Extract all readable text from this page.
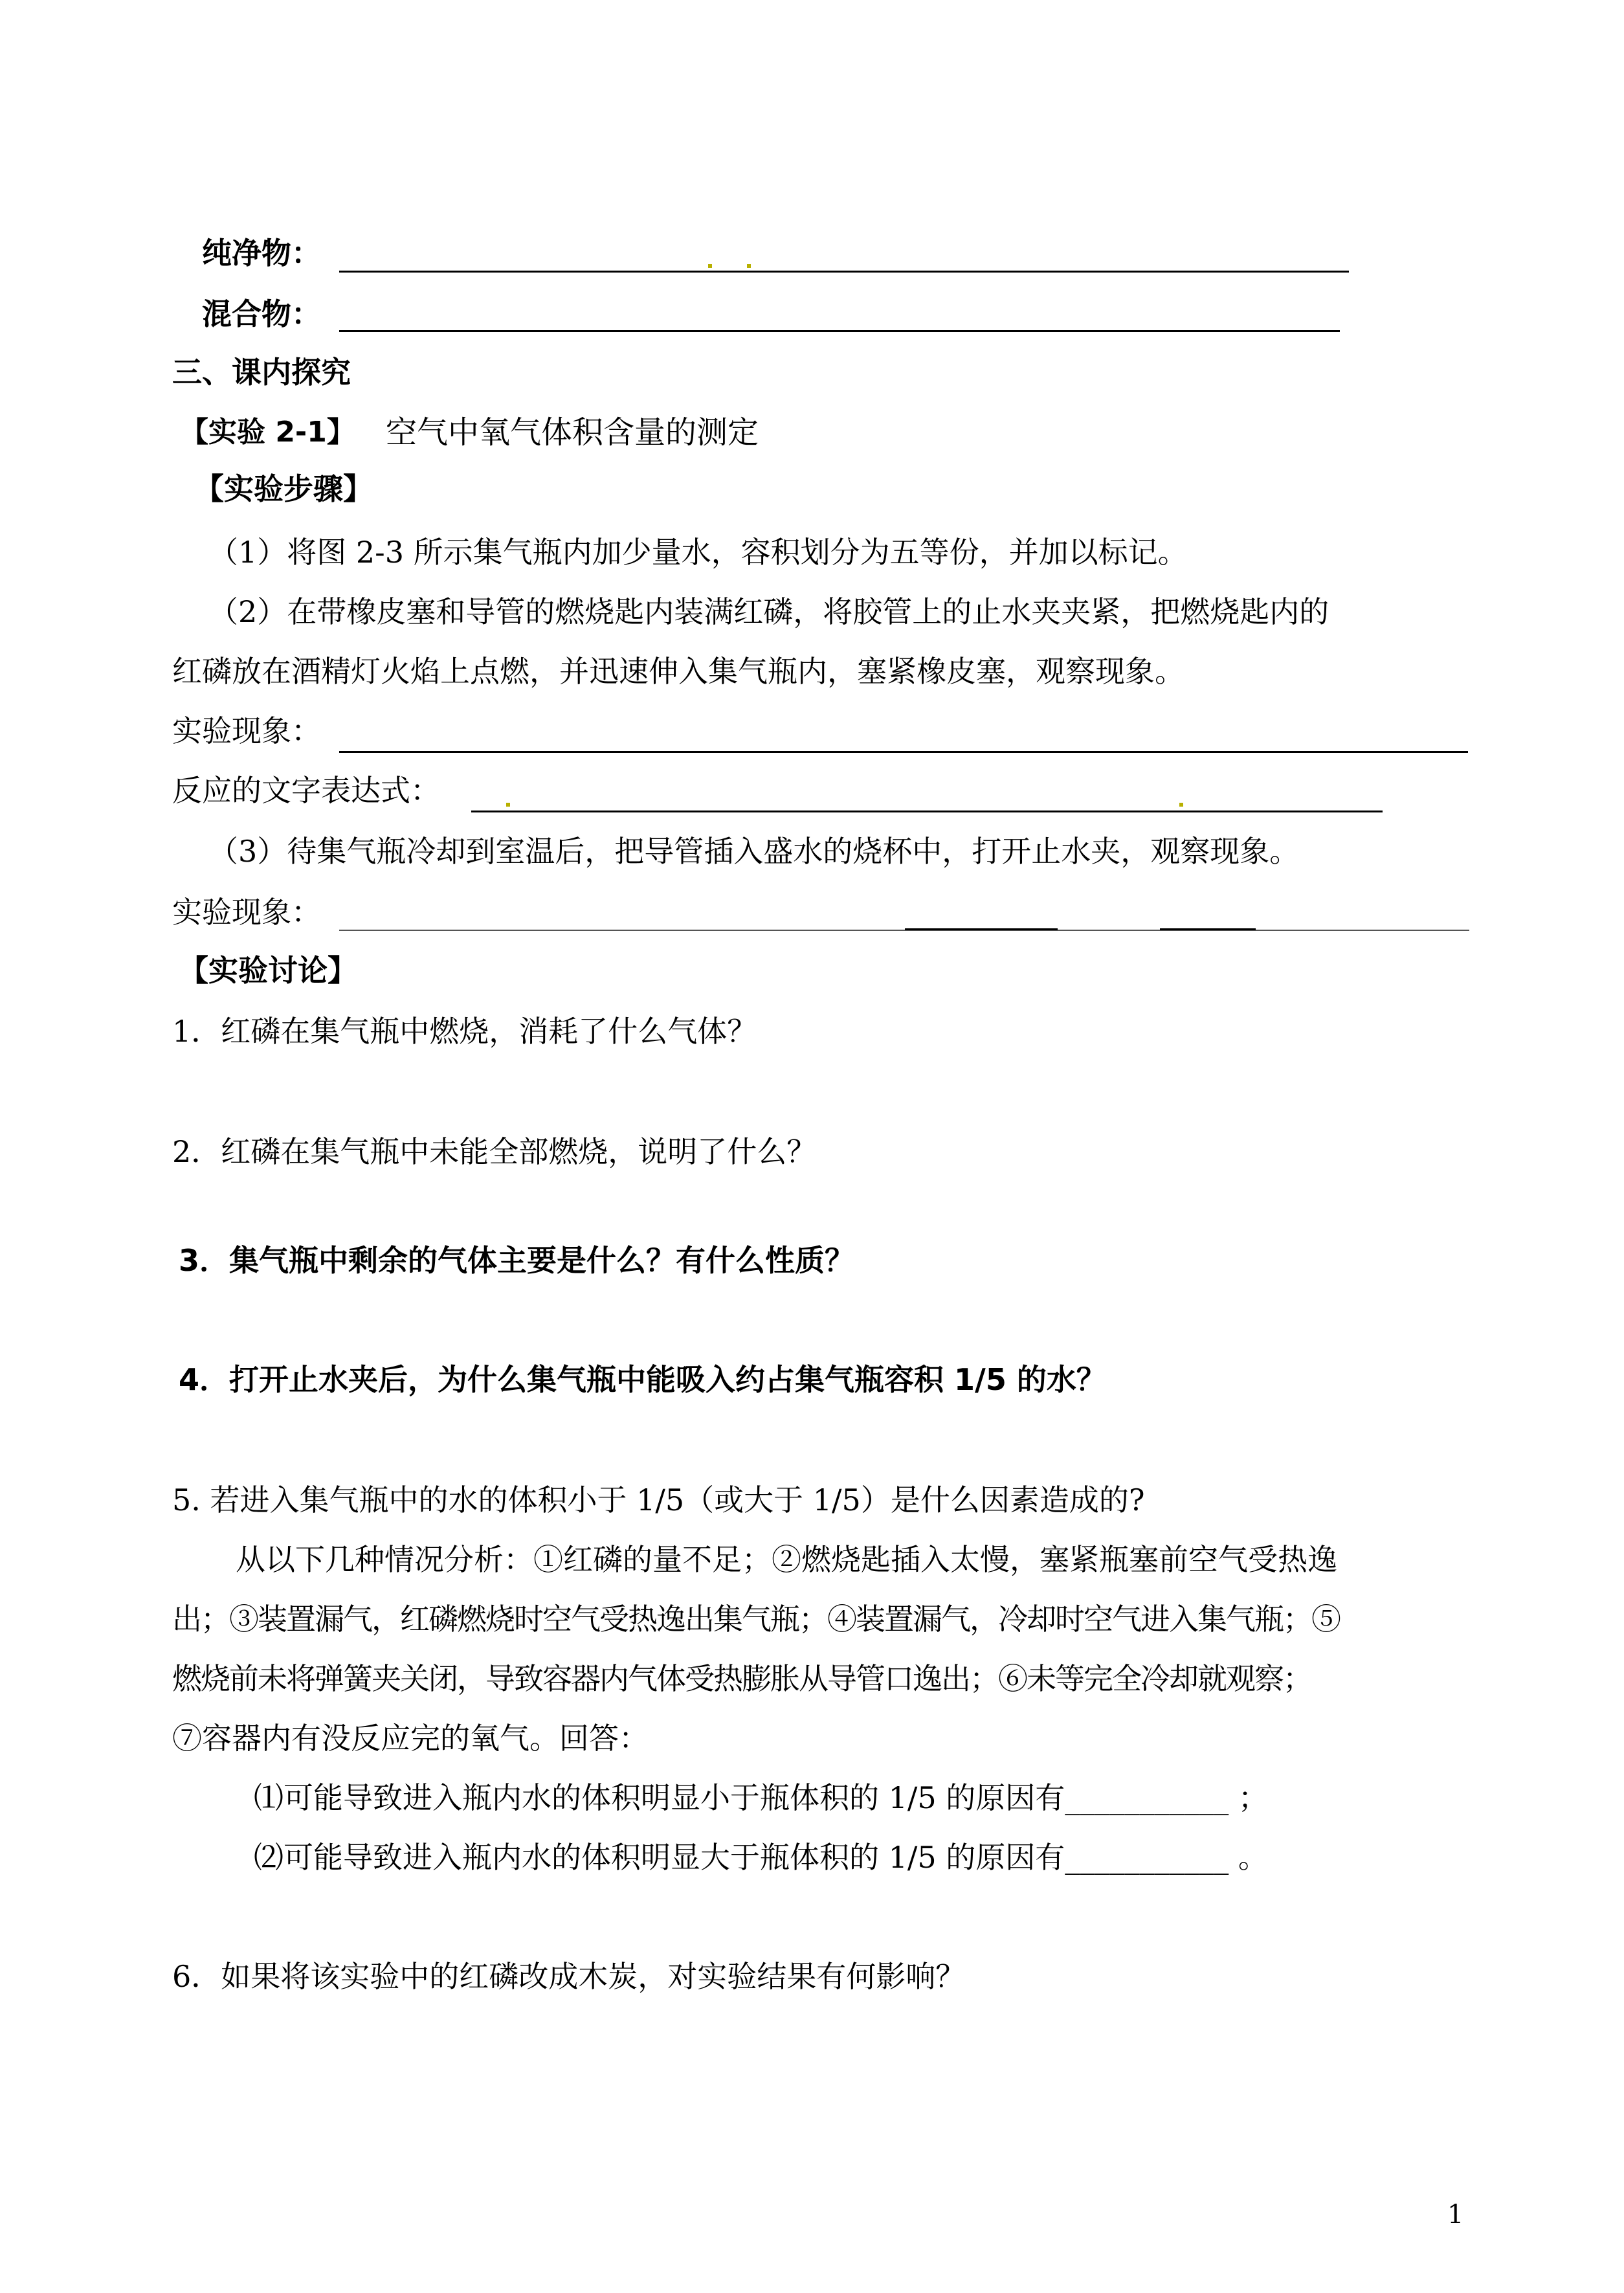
纯净物：
混合物：
三、课内探究
【实验 2-1】 空气中氧气体积含量的测定
【实验步骤】
（1）将图 2-3 所示集气瓶内加少量水，容积划分为五等份，并加以标记。
（2）在带橡皮塞和导管的燃烧匙内装满红磷，将胶管上的止水夹夹紧，把燃烧匙内的
红磷放在酒精灯火焰上点燃，并迅速伸入集气瓶内，塞紧橡皮塞，观察现象。
实验现象：
反应的文字表达式：
（3）待集气瓶冷却到室温后，把导管插入盛水的烧杯中，打开止水夹，观察现象。
实验现象：
【实验讨论】
1．红磷在集气瓶中燃烧，消耗了什么气体？
2．红磷在集气瓶中未能全部燃烧，说明了什么？
3．集气瓶中剩余的气体主要是什么？有什么性质？
4．打开止水夹后，为什么集气瓶中能吸入约占集气瓶容积 1/5 的水？
5. 若进入集气瓶中的水的体积小于 1/5（或大于 1/5）是什么因素造成的?
从以下几种情况分析：①红磷的量不足；②燃烧匙插入太慢，塞紧瓶塞前空气受热逸
出；③装置漏气，红磷燃烧时空气受热逸出集气瓶；④装置漏气，冷却时空气进入集气瓶；⑤
燃烧前未将弹簧夹关闭，导致容器内气体受热膨胀从导管口逸出；⑥未等完全冷却就观察；
⑦容器内有没反应完的氧气。回答：
⑴可能导致进入瓶内水的体积明显小于瓶体积的 1/5 的原因有___________ ；
⑵可能导致进入瓶内水的体积明显大于瓶体积的 1/5 的原因有___________ 。
6．如果将该实验中的红磷改成木炭，对实验结果有何影响？
1
